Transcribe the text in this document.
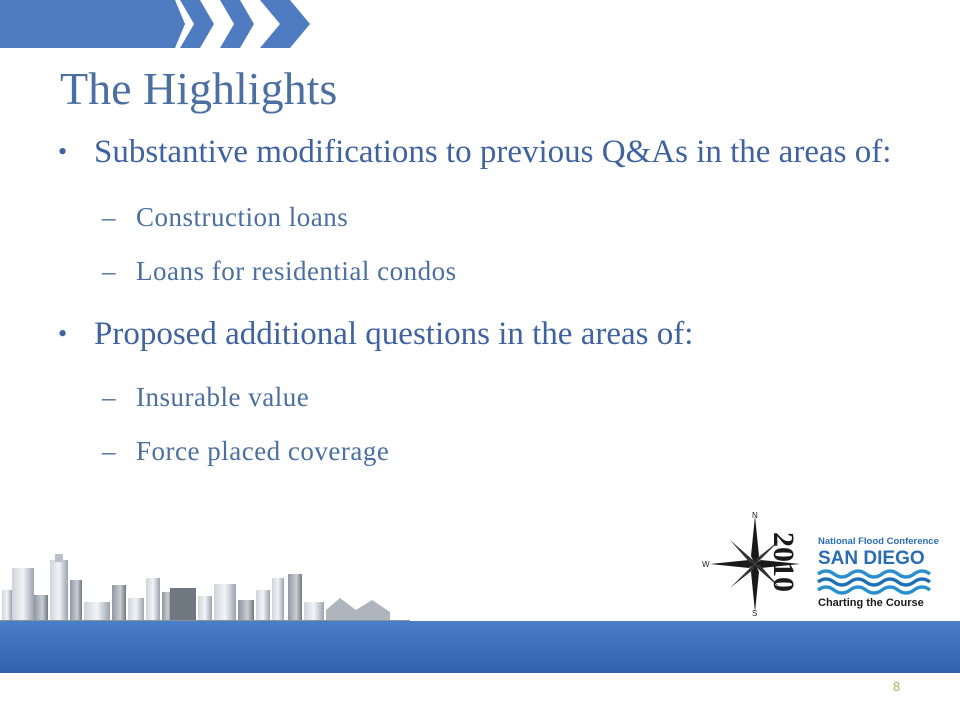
The Highlights
• Substantive modifications to previous Q&As in the areas of:
– Construction loans
– Loans for residential condos
• Proposed additional questions in the areas of:
– Insurable value
– Force placed coverage
N
W
S
2010 National Flood Conference
SAN DIEGO
Charting the Course
8
